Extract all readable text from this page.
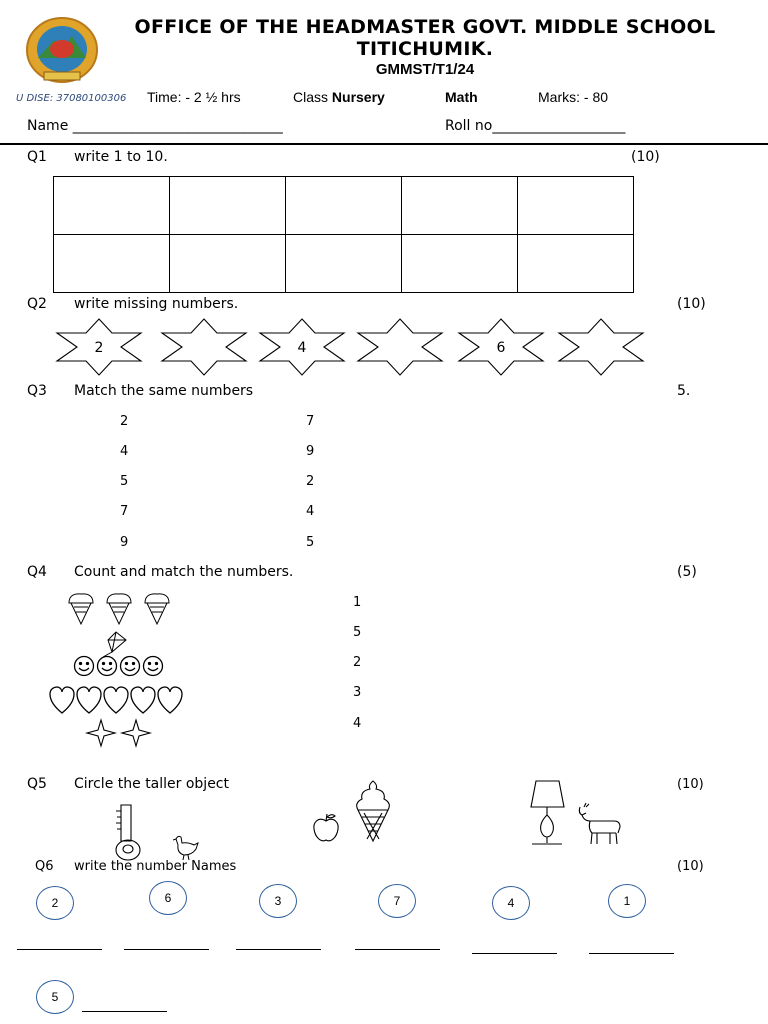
OFFICE OF THE HEADMASTER GOVT. MIDDLE SCHOOL
TITICHUMIK.
GMMST/T1/24
U DISE: 37080100306 Time: - 2 ½ hrs	Class Nursery	Math	Marks: - 80
Name ______________________________	Roll no___________________
Q1 write 1 to 10.	(10)

Q2 write missing numbers.	(10)
2	4	6
Q3 Match the same numbers	5.
2
4
5
7
9
7
9
2
4
5
Q4 Count and match the numbers.	(5)
1
5
2
3
4
Q5 Circle the taller object	(10)
Q6 write the number Names	(10)
2	6	3	7	4	1
5
